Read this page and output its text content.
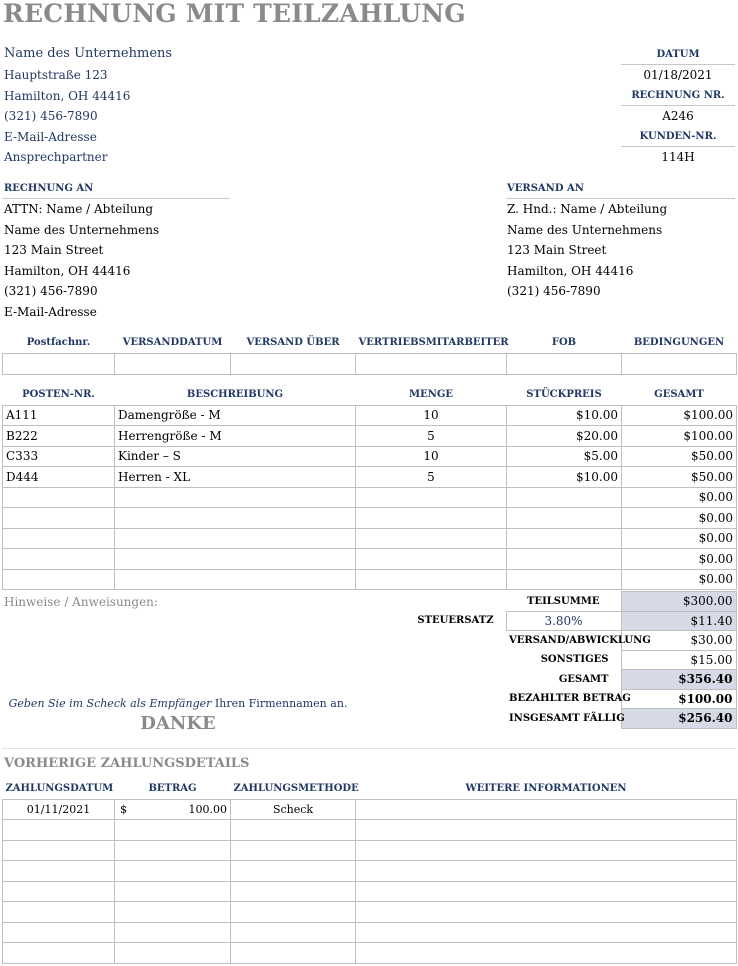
RECHNUNG MIT TEILZAHLUNG
Name des Unternehmens
Hauptstraße 123
Hamilton, OH 44416
(321) 456-7890
E-Mail-Adresse
Ansprechpartner
DATUM
01/18/2021
RECHNUNG NR.
A246
KUNDEN-NR.
114H
RECHNUNG AN
ATTN: Name / Abteilung
Name des Unternehmens
123 Main Street
Hamilton, OH 44416
(321) 456-7890
E-Mail-Adresse
VERSAND AN
Z. Hnd.: Name / Abteilung
Name des Unternehmens
123 Main Street
Hamilton, OH 44416
(321) 456-7890
Postfachnr.	VERSANDDATUM	VERSAND ÜBER	VERTRIEBSMITARBEITER	FOB	BEDINGUNGEN

POSTEN-NR.	BESCHREIBUNG	MENGE	STÜCKPREIS	GESAMT
A111	Damengröße - M	10	$10.00	$100.00
B222	Herrengröße - M	5	$20.00	$100.00
C333	Kinder – S	10	$5.00	$50.00
D444	Herren - XL	5	$10.00	$50.00
				$0.00
				$0.00
				$0.00
				$0.00
				$0.00
Hinweise / Anweisungen:
		TEILSUMME	$300.00
STEUERSATZ	3.80%	$11.40
	VERSAND/ABWICKLUNG	$30.00
	SONSTIGES	$15.00
	GESAMT	$356.40
	BEZAHLTER BETRAG	$100.00
	INSGESAMT FÄLLIG	$256.40
Geben Sie im Scheck als Empfänger Ihren Firmennamen an.
DANKE
VORHERIGE ZAHLUNGSDETAILS
ZAHLUNGSDATUM	BETRAG	ZAHLUNGSMETHODE	WEITERE INFORMATIONEN
01/11/2021	$ 100.00	Scheck	
